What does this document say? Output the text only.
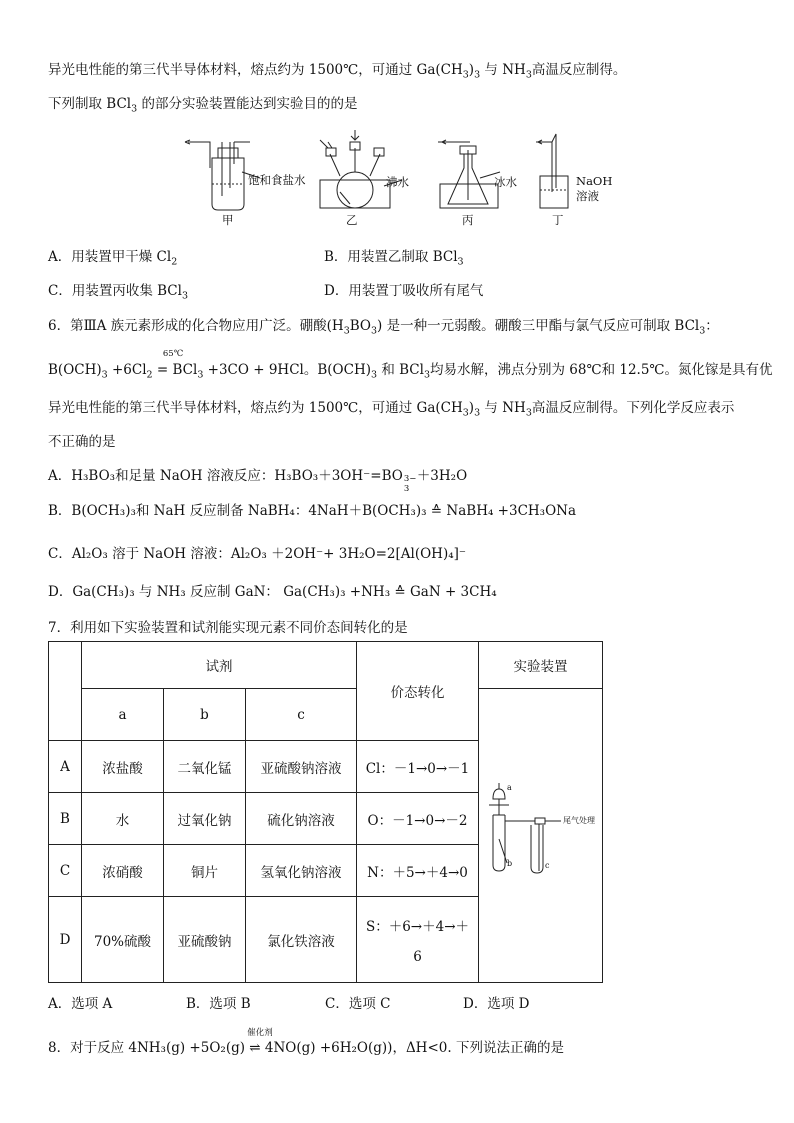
异光电性能的第三代半导体材料，熔点约为 1500℃，可通过 $Ga(CH_3)_3$ 与 $NH_3$高温反应制得。
下列制取 BCl$_3$ 的部分实验装置能达到实验目的的是
饱和食盐水	沸水	冰水	NaOH
溶液
甲	乙	丙	丁
A．用装置甲干燥 $Cl_2$	B．用装置乙制取 BCl$_3$
C．用装置丙收集 BCl$_3$	D．用装置丁吸收所有尾气
6．第ⅢA 族元素形成的化合物应用广泛。硼酸$(H_3BO_3)$ 是一种一元弱酸。硼酸三甲酯与氯气反应可制取 BCl$_3$：
$B(OCH)_3 +6Cl_2$
65℃
= BCl$_3$ +3CO + 9HCl。$B(OCH)_3$ 和 BCl$_3$均易水解，沸点分别为 68℃和 12.5℃。氮化镓是具有优
异光电性能的第三代半导体材料，熔点约为 1500℃，可通过 $Ga(CH_3)_3$ 与 $NH_3$高温反应制得。下列化学反应表示
不正确的是
A．H₃BO₃和足量 NaOH 溶液反应：H₃BO₃＋3OH⁻=BO 3−
3
＋3H₂O
B．B(OCH₃)₃和 NaH 反应制备 NaBH₄：4NaH＋B(OCH₃)₃ ≙ NaBH₄ +3CH₃ONa
C．Al₂O₃ 溶于 NaOH 溶液：Al₂O₃ ＋2OH⁻+ 3H₂O=2[Al(OH)₄]⁻
D．Ga(CH₃)₃ 与 NH₃ 反应制 GaN： Ga(CH₃)₃ +NH₃ ≙ GaN + 3CH₄
7．利用如下实验装置和试剂能实现元素不同价态间转化的是
	试剂			价态转化	实验装置
	a	b	c		a
b c
尾气处理

A	浓盐酸	二氧化锰	亚硫酸钠溶液	Cl：－1→0→－1	
B	水	过氧化钠	硫化钠溶液	O：－1→0→－2	
C	浓硝酸	铜片	氢氧化钠溶液	N：＋5→＋4→0	
D	70%硫酸	亚硫酸钠	氯化铁溶液	S：＋6→＋4→＋
6	
A．选项 A	B．选项 B	C．选项 C	D．选项 D
8．对于反应 4NH₃(g) +5O₂(g)
催化剂
⇌ 4NO(g) +6H₂O(g))，ΔH<0. 下列说法正确的是
